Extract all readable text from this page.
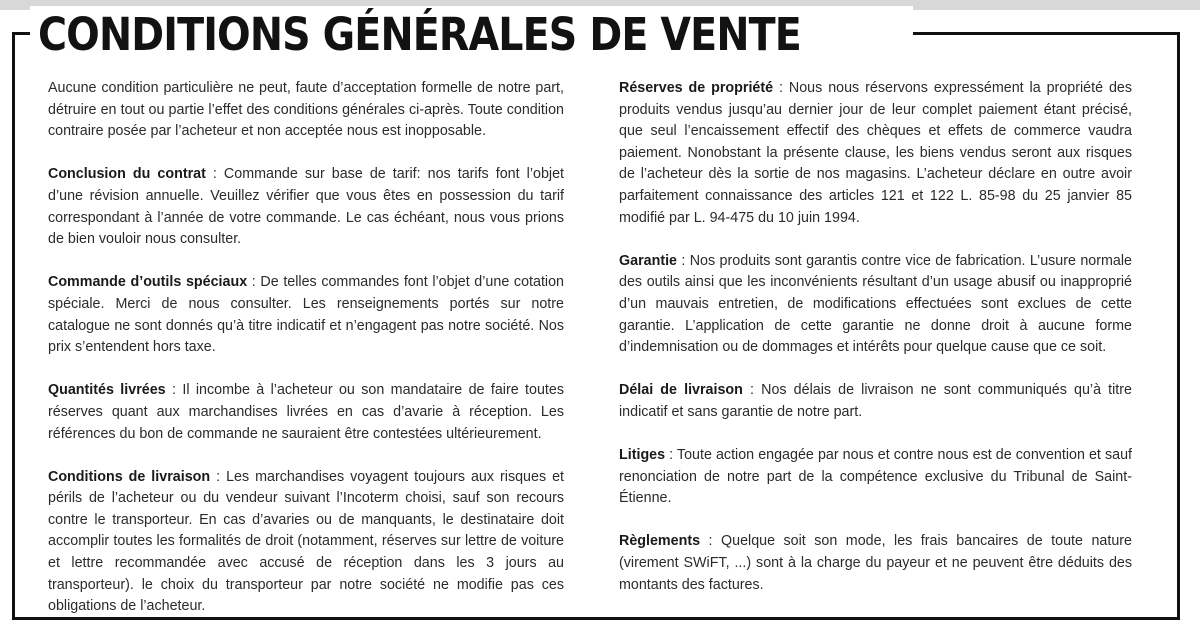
CONDITIONS GÉNÉRALES DE VENTE

Aucune condition particulière ne peut, faute d’acceptation formelle de notre part, détruire en tout ou partie l’effet des conditions générales ci-après. Toute condition contraire posée par l’acheteur et non acceptée nous est inopposable.

Conclusion du contrat : Commande sur base de tarif: nos tarifs font l’objet d’une révision annuelle. Veuillez vérifier que vous êtes en possession du tarif correspondant à l’année de votre commande. Le cas échéant, nous vous prions de bien vouloir nous consulter.

Commande d’outils spéciaux : De telles commandes font l’objet d’une cotation spéciale. Merci de nous consulter. Les renseignements portés sur notre catalogue ne sont donnés qu’à titre indicatif et n’engagent pas notre société. Nos prix s’entendent hors taxe.

Quantités livrées : Il incombe à l’acheteur ou son mandataire de faire toutes réserves quant aux marchandises livrées en cas d’avarie à réception. Les références du bon de commande ne sauraient être contestées ultérieurement.

Conditions de livraison : Les marchandises voyagent toujours aux risques et périls de l’acheteur ou du vendeur suivant l’Incoterm choisi, sauf son recours contre le transporteur. En cas d’avaries ou de manquants, le destinataire doit accomplir toutes les formalités de droit (notamment, réserves sur lettre de voiture et lettre recommandée avec accusé de réception dans les 3 jours au transporteur). le choix du transporteur par notre société ne modifie pas ces obligations de l’acheteur.

Réserves de propriété : Nous nous réservons expressément la propriété des produits vendus jusqu’au dernier jour de leur complet paiement étant précisé, que seul l’encaissement effectif des chèques et effets de commerce vaudra paiement. Nonobstant la présente clause, les biens vendus seront aux risques de l’acheteur dès la sortie de nos magasins. L’acheteur déclare en outre avoir parfaitement connaissance des articles 121 et 122 L. 85-98 du 25 janvier 85 modifié par L. 94-475 du 10 juin 1994.

Garantie : Nos produits sont garantis contre vice de fabrication. L’usure normale des outils ainsi que les inconvénients résultant d’un usage abusif ou inapproprié d’un mauvais entretien, de modifications effectuées sont exclues de cette garantie. L’application de cette garantie ne donne droit à aucune forme d’indemnisation ou de dommages et intérêts pour quelque cause que ce soit.

Délai de livraison : Nos délais de livraison ne sont communiqués qu’à titre indicatif et sans garantie de notre part.

Litiges : Toute action engagée par nous et contre nous est de convention et sauf renonciation de notre part de la compétence exclusive du Tribunal de Saint-Étienne.

Règlements : Quelque soit son mode, les frais bancaires de toute nature (virement SWiFT, ...) sont à la charge du payeur et ne peuvent être déduits des montants des factures.
